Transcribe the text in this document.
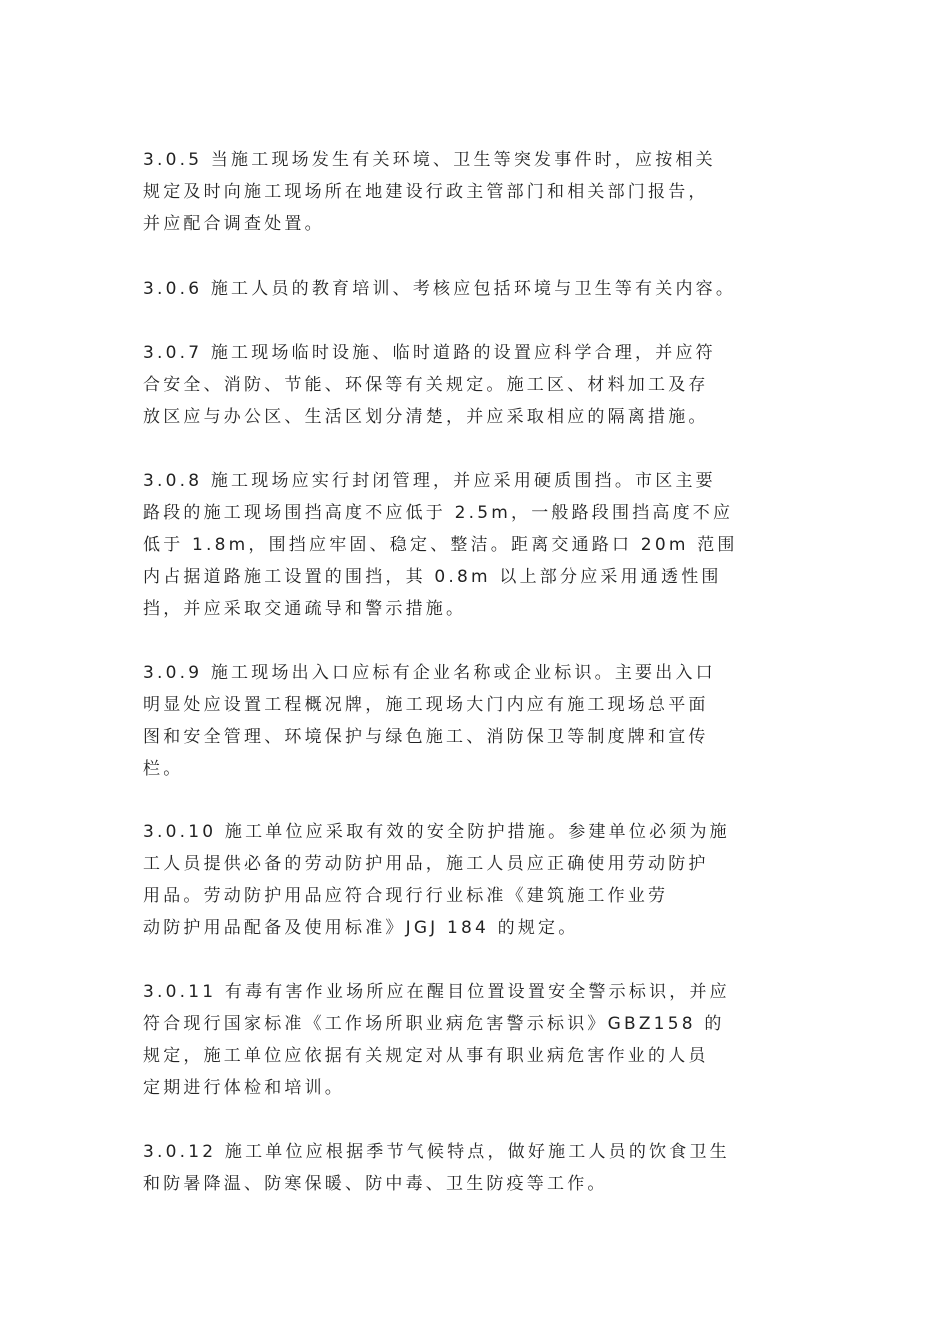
3.0.5 当施工现场发生有关环境、卫生等突发事件时，应按相关
规定及时向施工现场所在地建设行政主管部门和相关部门报告，
并应配合调查处置。
3.0.6 施工人员的教育培训、考核应包括环境与卫生等有关内容。
3.0.7 施工现场临时设施、临时道路的设置应科学合理，并应符
合安全、消防、节能、环保等有关规定。施工区、材料加工及存
放区应与办公区、生活区划分清楚，并应采取相应的隔离措施。
3.0.8 施工现场应实行封闭管理，并应采用硬质围挡。市区主要
路段的施工现场围挡高度不应低于 2.5m，一般路段围挡高度不应
低于 1.8m，围挡应牢固、稳定、整洁。距离交通路口 20m 范围
内占据道路施工设置的围挡，其 0.8m 以上部分应采用通透性围
挡，并应采取交通疏导和警示措施。
3.0.9 施工现场出入口应标有企业名称或企业标识。主要出入口
明显处应设置工程概况牌，施工现场大门内应有施工现场总平面
图和安全管理、环境保护与绿色施工、消防保卫等制度牌和宣传
栏。
3.0.10 施工单位应采取有效的安全防护措施。参建单位必须为施
工人员提供必备的劳动防护用品，施工人员应正确使用劳动防护
用品。劳动防护用品应符合现行行业标准《建筑施工作业劳
动防护用品配备及使用标准》JGJ 184 的规定。
3.0.11 有毒有害作业场所应在醒目位置设置安全警示标识，并应
符合现行国家标准《工作场所职业病危害警示标识》GBZ158 的
规定，施工单位应依据有关规定对从事有职业病危害作业的人员
定期进行体检和培训。
3.0.12 施工单位应根据季节气候特点，做好施工人员的饮食卫生
和防暑降温、防寒保暖、防中毒、卫生防疫等工作。
